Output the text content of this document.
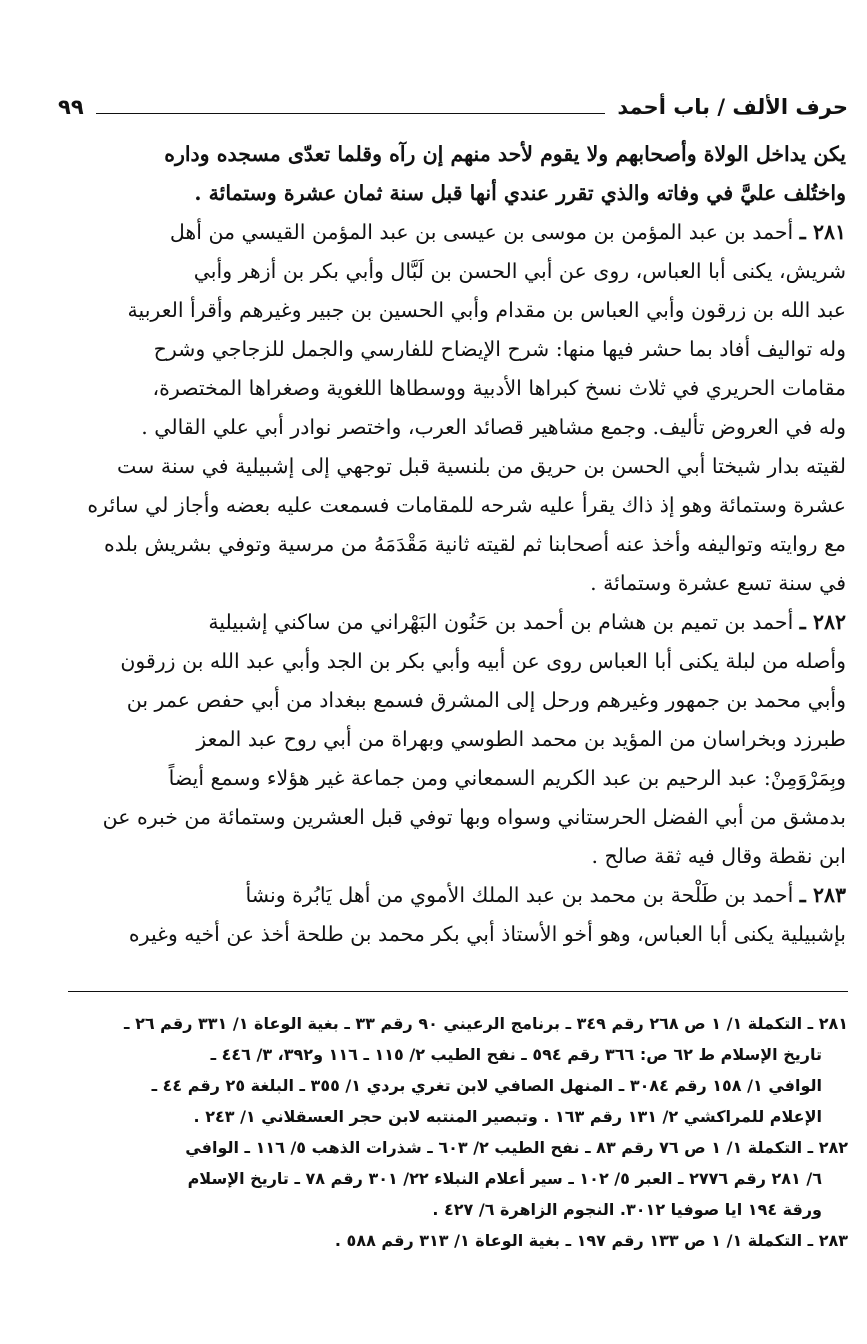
حرف الألف / باب أحمد
٩٩

يكن يداخل الولاة وأصحابهم ولا يقوم لأحد منهم إن رآه وقلما تعدّى مسجده وداره
واختُلف عليَّ في وفاته والذي تقرر عندي أنها قبل سنة ثمان عشرة وستمائة .

٢٨١ ـ أحمد بن عبد المؤمن بن موسى بن عيسى بن عبد المؤمن القيسي من أهل
شريش، يكنى أبا العباس، روى عن أبي الحسن بن لَبَّال وأبي بكر بن أزهر وأبي
عبد الله بن زرقون وأبي العباس بن مقدام وأبي الحسين بن جبير وغيرهم وأقرأ العربية
وله تواليف أفاد بما حشر فيها منها: شرح الإيضاح للفارسي والجمل للزجاجي وشرح
مقامات الحريري في ثلاث نسخ كبراها الأدبية ووسطاها اللغوية وصغراها المختصرة،
وله في العروض تأليف. وجمع مشاهير قصائد العرب، واختصر نوادر أبي علي القالي .
لقيته بدار شيختا أبي الحسن بن حريق من بلنسية قبل توجهي إلى إشبيلية في سنة ست
عشرة وستمائة وهو إذ ذاك يقرأ عليه شرحه للمقامات فسمعت عليه بعضه وأجاز لي سائره
مع روايته وتواليفه وأخذ عنه أصحابنا ثم لقيته ثانية مَقْدَمَهُ من مرسية وتوفي بشريش بلده
في سنة تسع عشرة وستمائة .

٢٨٢ ـ أحمد بن تميم بن هشام بن أحمد بن حَنُون البَهْراني من ساكني إشبيلية
وأصله من لبلة يكنى أبا العباس روى عن أبيه وأبي بكر بن الجد وأبي عبد الله بن زرقون
وأبي محمد بن جمهور وغيرهم ورحل إلى المشرق فسمع ببغداد من أبي حفص عمر بن
طبرزد وبخراسان من المؤيد بن محمد الطوسي وبهراة من أبي روح عبد المعز
وبِمَرْوَمِنْ: عبد الرحيم بن عبد الكريم السمعاني ومن جماعة غير هؤلاء وسمع أيضاً
بدمشق من أبي الفضل الحرستاني وسواه وبها توفي قبل العشرين وستمائة من خبره عن
ابن نقطة وقال فيه ثقة صالح .

٢٨٣ ـ أحمد بن طَلْحة بن محمد بن عبد الملك الأموي من أهل يَابُرة ونشأ
بإشبيلية يكنى أبا العباس، وهو أخو الأستاذ أبي بكر محمد بن طلحة أخذ عن أخيه وغيره

٢٨١ ـ التكملة ١/ ١ ص ٢٦٨ رقم ٣٤٩ ـ برنامج الرعيني ٩٠ رقم ٣٣ ـ بغية الوعاة ١/ ٣٣١ رقم ٢٦ ـ
تاريخ الإسلام ط ٦٢ ص: ٣٦٦ رقم ٥٩٤ ـ نفح الطيب ٢/ ١١٥ ـ ١١٦ و٣٩٢، ٣/ ٤٤٦ ـ
الوافي ١/ ١٥٨ رقم ٣٠٨٤ ـ المنهل الصافي لابن تغري بردي ١/ ٣٥٥ ـ البلغة ٢٥ رقم ٤٤ ـ
الإعلام للمراكشي ٢/ ١٣١ رقم ١٦٣ . وتبصير المنتبه لابن حجر العسقلاني ١/ ٢٤٣ .

٢٨٢ ـ التكملة ١/ ١ ص ٧٦ رقم ٨٣ ـ نفح الطيب ٢/ ٦٠٣ ـ شذرات الذهب ٥/ ١١٦ ـ الوافي
٦/ ٢٨١ رقم ٢٧٧٦ ـ العبر ٥/ ١٠٢ ـ سير أعلام النبلاء ٢٢/ ٣٠١ رقم ٧٨ ـ تاريخ الإسلام
ورقة ١٩٤ ايا صوفيا ٣٠١٢. النجوم الزاهرة ٦/ ٤٢٧ .

٢٨٣ ـ التكملة ١/ ١ ص ١٣٣ رقم ١٩٧ ـ بغية الوعاة ١/ ٣١٣ رقم ٥٨٨ .
